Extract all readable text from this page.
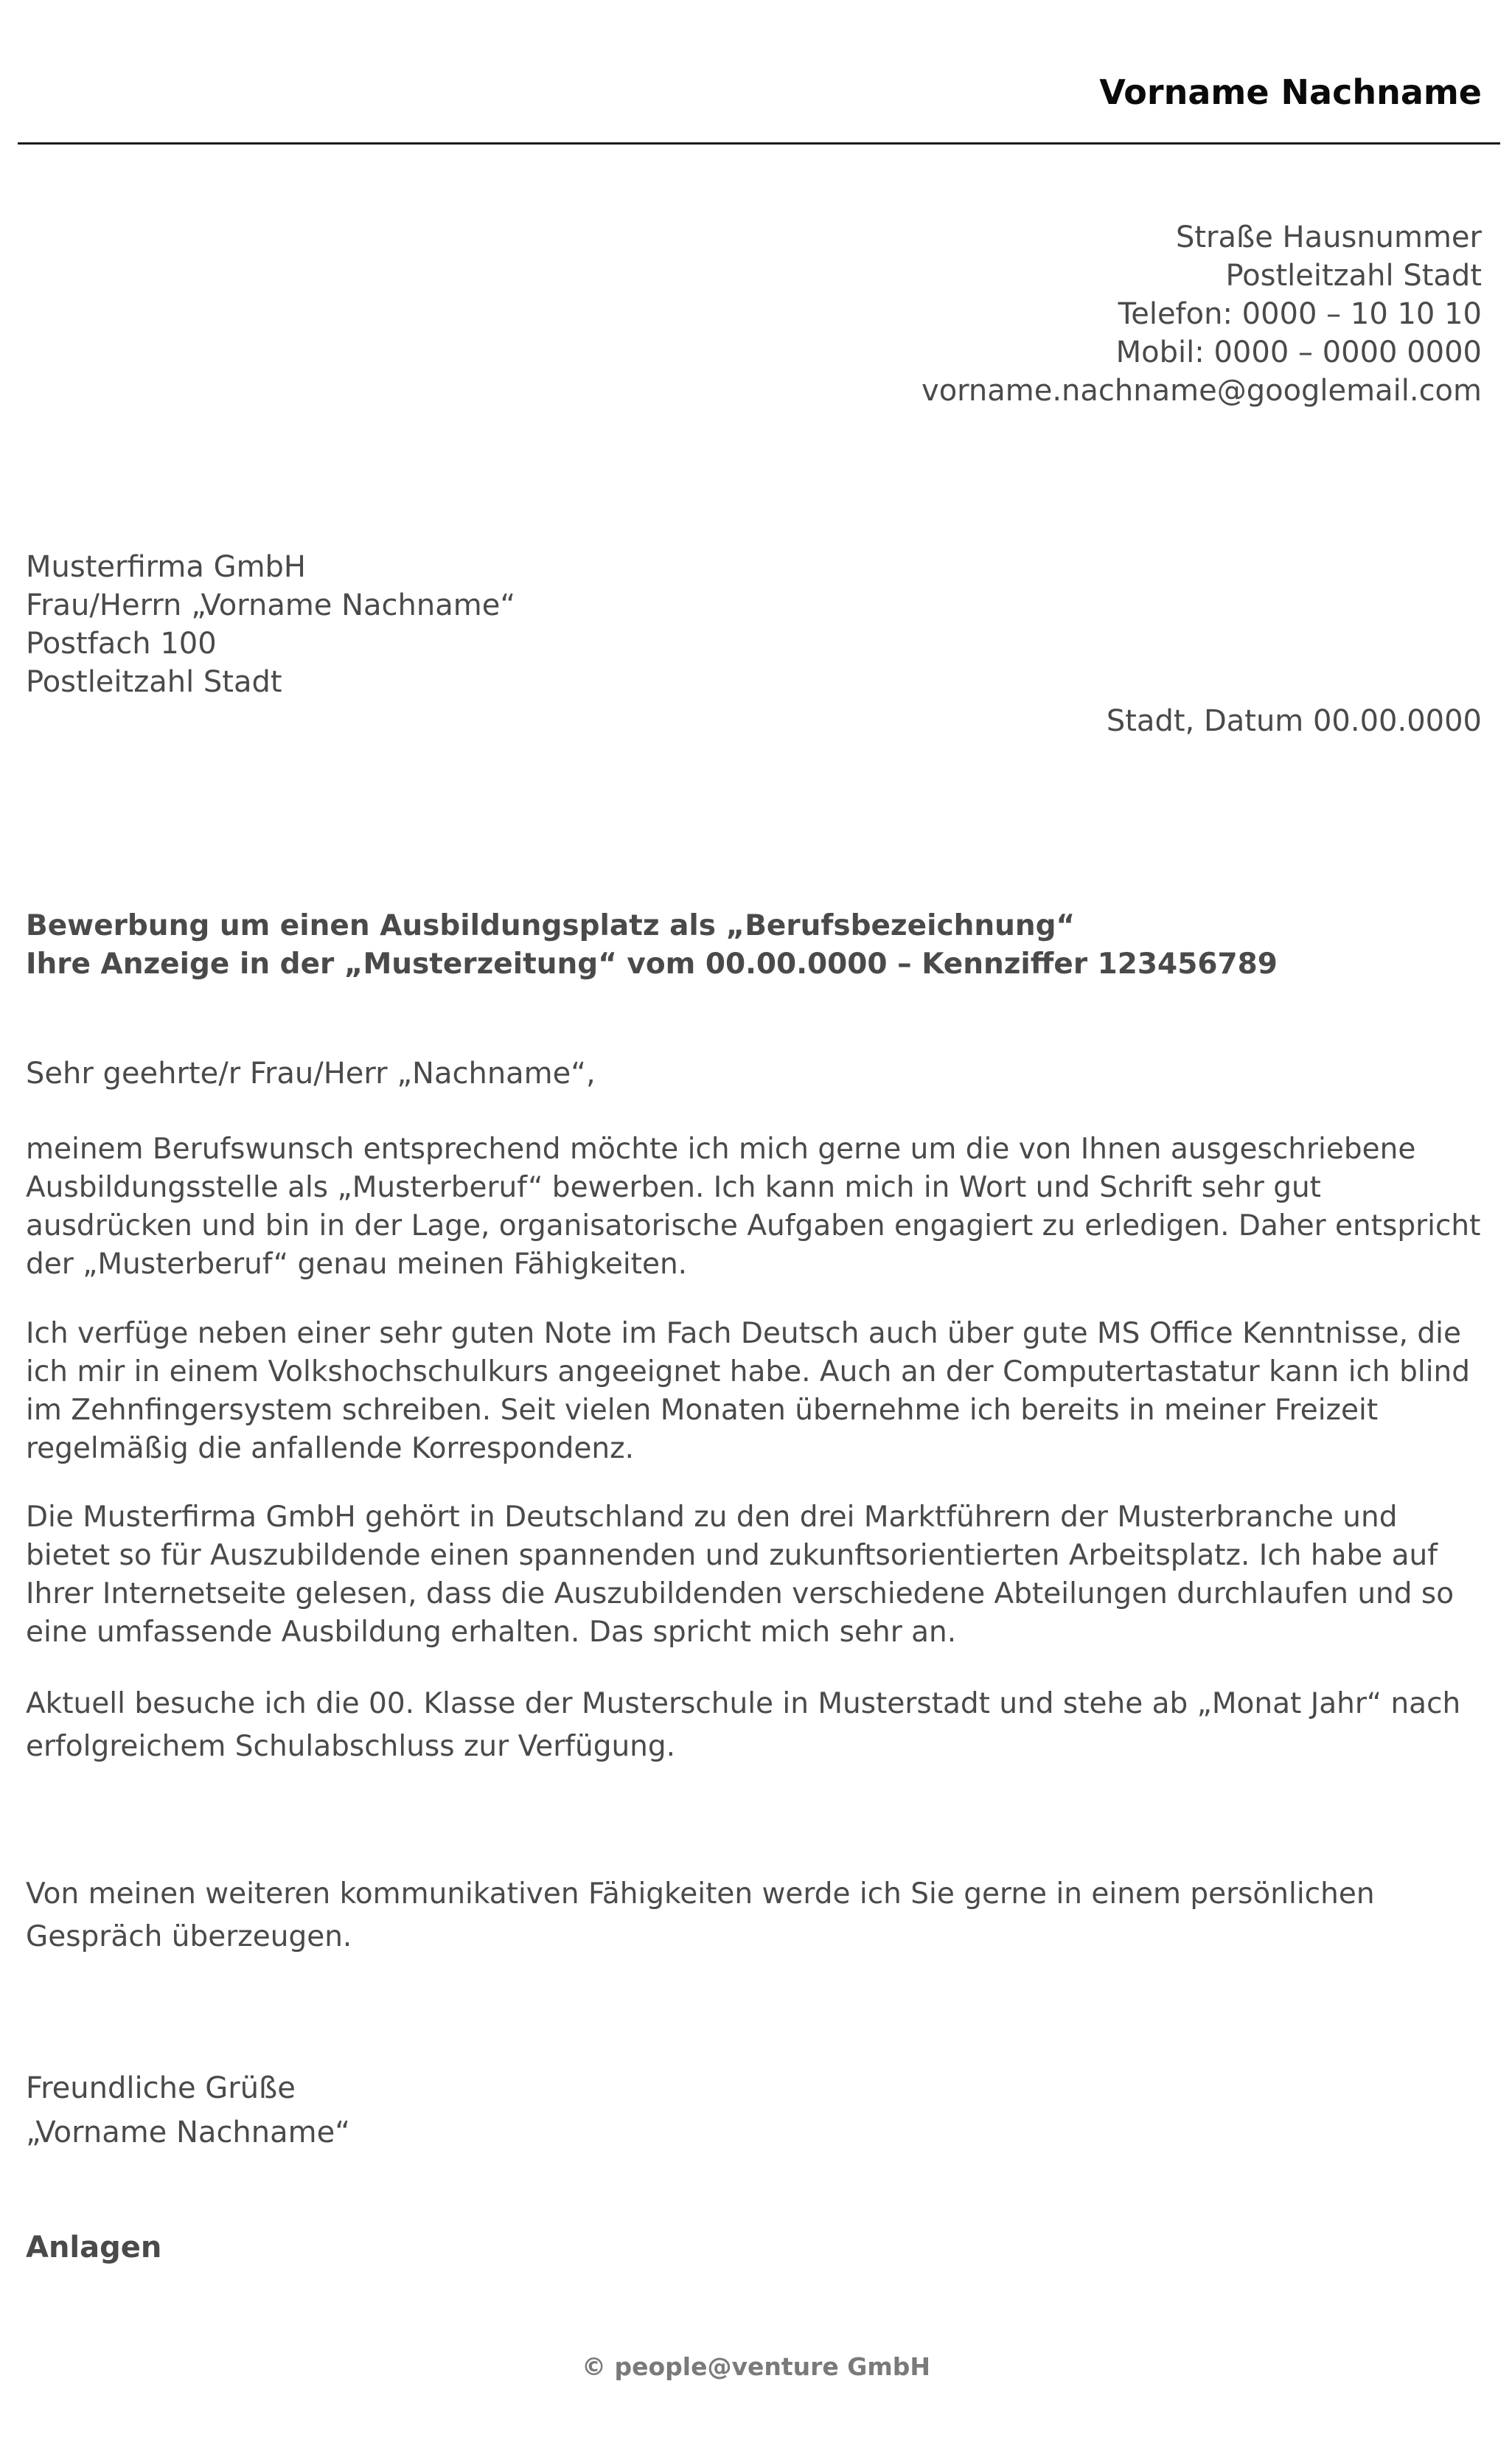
Vorname Nachname
Straße Hausnummer
Postleitzahl Stadt
Telefon: 0000 – 10 10 10
Mobil: 0000 – 0000 0000
vorname.nachname@googlemail.com
Musterfirma GmbH
Frau/Herrn „Vorname Nachname“
Postfach 100
Postleitzahl Stadt
Stadt, Datum 00.00.0000
Bewerbung um einen Ausbildungsplatz als „Berufsbezeichnung“
Ihre Anzeige in der „Musterzeitung“ vom 00.00.0000 – Kennziffer 123456789
Sehr geehrte/r Frau/Herr „Nachname“,
meinem Berufswunsch entsprechend möchte ich mich gerne um die von Ihnen ausgeschriebene Ausbildungsstelle als „Musterberuf“ bewerben. Ich kann mich in Wort und Schrift sehr gut ausdrücken und bin in der Lage, organisatorische Aufgaben engagiert zu erledigen. Daher entspricht der „Musterberuf“ genau meinen Fähigkeiten.
Ich verfüge neben einer sehr guten Note im Fach Deutsch auch über gute MS Office Kenntnisse, die ich mir in einem Volkshochschulkurs angeeignet habe. Auch an der Computertastatur kann ich blind im Zehnfingersystem schreiben. Seit vielen Monaten übernehme ich bereits in meiner Freizeit regelmäßig die anfallende Korrespondenz.
Die Musterfirma GmbH gehört in Deutschland zu den drei Marktführern der Musterbranche und bietet so für Auszubildende einen spannenden und zukunftsorientierten Arbeitsplatz. Ich habe auf Ihrer Internetseite gelesen, dass die Auszubildenden verschiedene Abteilungen durchlaufen und so eine umfassende Ausbildung erhalten. Das spricht mich sehr an.
Aktuell besuche ich die 00. Klasse der Musterschule in Musterstadt und stehe ab „Monat Jahr“ nach erfolgreichem Schulabschluss zur Verfügung.
Von meinen weiteren kommunikativen Fähigkeiten werde ich Sie gerne in einem persönlichen Gespräch überzeugen.
Freundliche Grüße
„Vorname Nachname“
Anlagen
© people@venture GmbH
